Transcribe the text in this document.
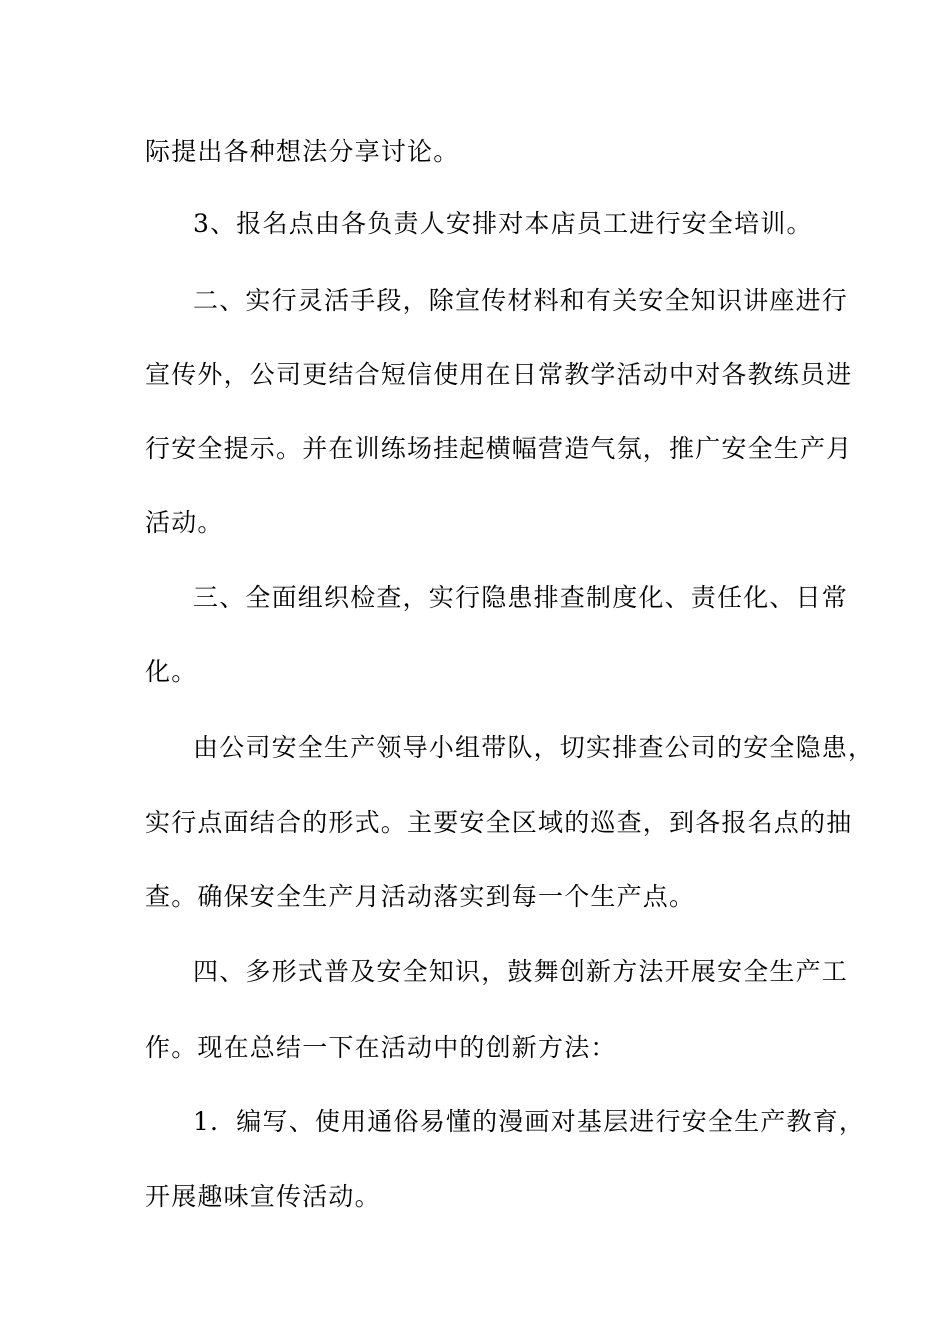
际提出各种想法分享讨论。
3、报名点由各负责人安排对本店员工进行安全培训。
二、实行灵活手段，除宣传材料和有关安全知识讲座进行
宣传外，公司更结合短信使用在日常教学活动中对各教练员进
行安全提示。并在训练场挂起横幅营造气氛，推广安全生产月
活动。
三、全面组织检查，实行隐患排查制度化、责任化、日常
化。
由公司安全生产领导小组带队，切实排查公司的安全隐患，
实行点面结合的形式。主要安全区域的巡查，到各报名点的抽
查。确保安全生产月活动落实到每一个生产点。
四、多形式普及安全知识，鼓舞创新方法开展安全生产工
作。现在总结一下在活动中的创新方法：
1．编写、使用通俗易懂的漫画对基层进行安全生产教育，
开展趣味宣传活动。
